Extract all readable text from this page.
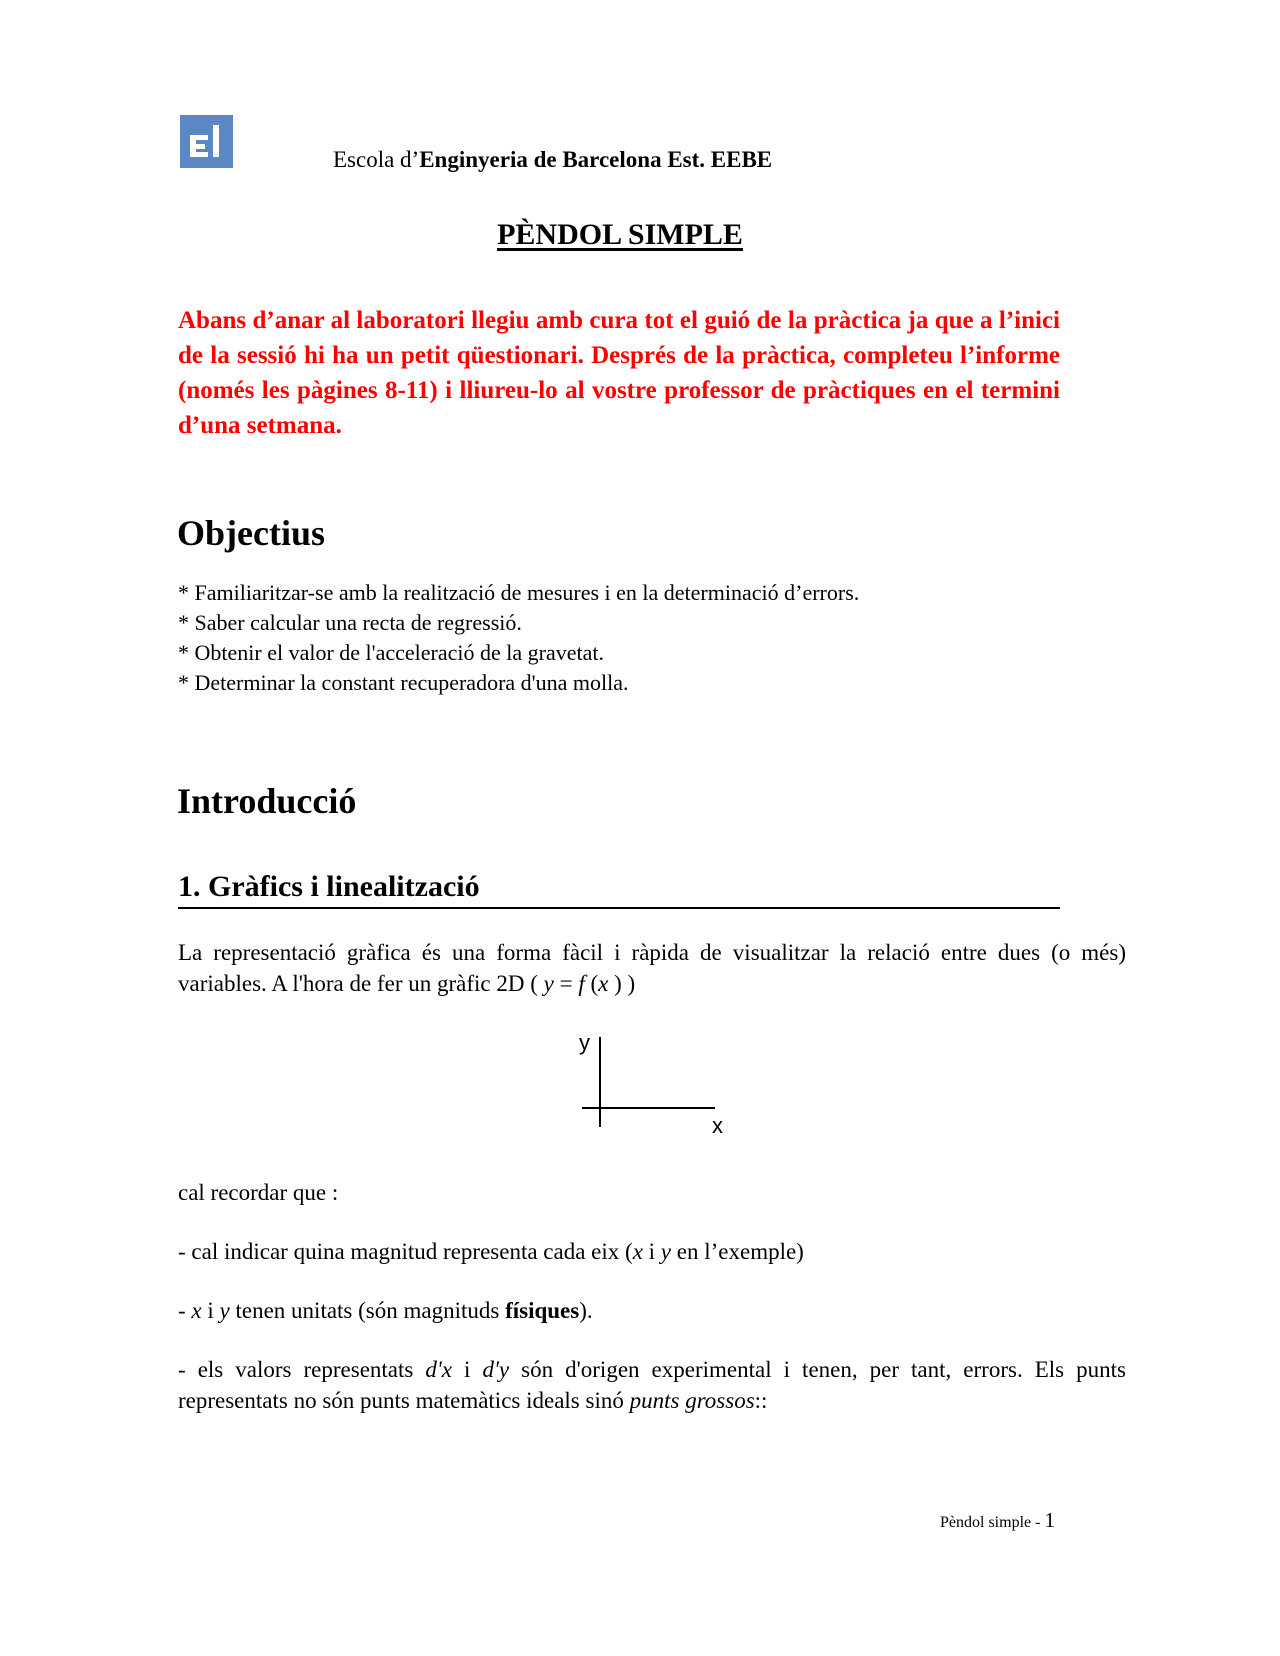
Escola d’Enginyeria de Barcelona Est. EEBE
PÈNDOL SIMPLE
Abans d’anar al laboratori llegiu amb cura tot el guió de la pràctica ja que a l’inici de la sessió hi ha un petit qüestionari. Després de la pràctica, completeu l’informe (només les pàgines 8-11) i lliureu-lo al vostre professor de pràctiques en el termini d’una setmana.
Objectius
* Familiaritzar-se amb la realització de mesures i en la determinació d’errors.
* Saber calcular una recta de regressió.
* Obtenir el valor de l'acceleració de la gravetat.
* Determinar la constant recuperadora d'una molla.
Introducció
1. Gràfics i linealització
La representació gràfica és una forma fàcil i ràpida de visualitzar la relació entre dues (o més) variables. A l'hora de fer un gràfic 2D ( y = f (x ) )
y
x
cal recordar que :
- cal indicar quina magnitud representa cada eix (x i y en l’exemple)
- x i y tenen unitats (són magnituds físiques).
- els valors representats d'x i d'y són d'origen experimental i tenen, per tant, errors. Els punts representats no són punts matemàtics ideals sinó punts grossos::
Pèndol simple - 1
